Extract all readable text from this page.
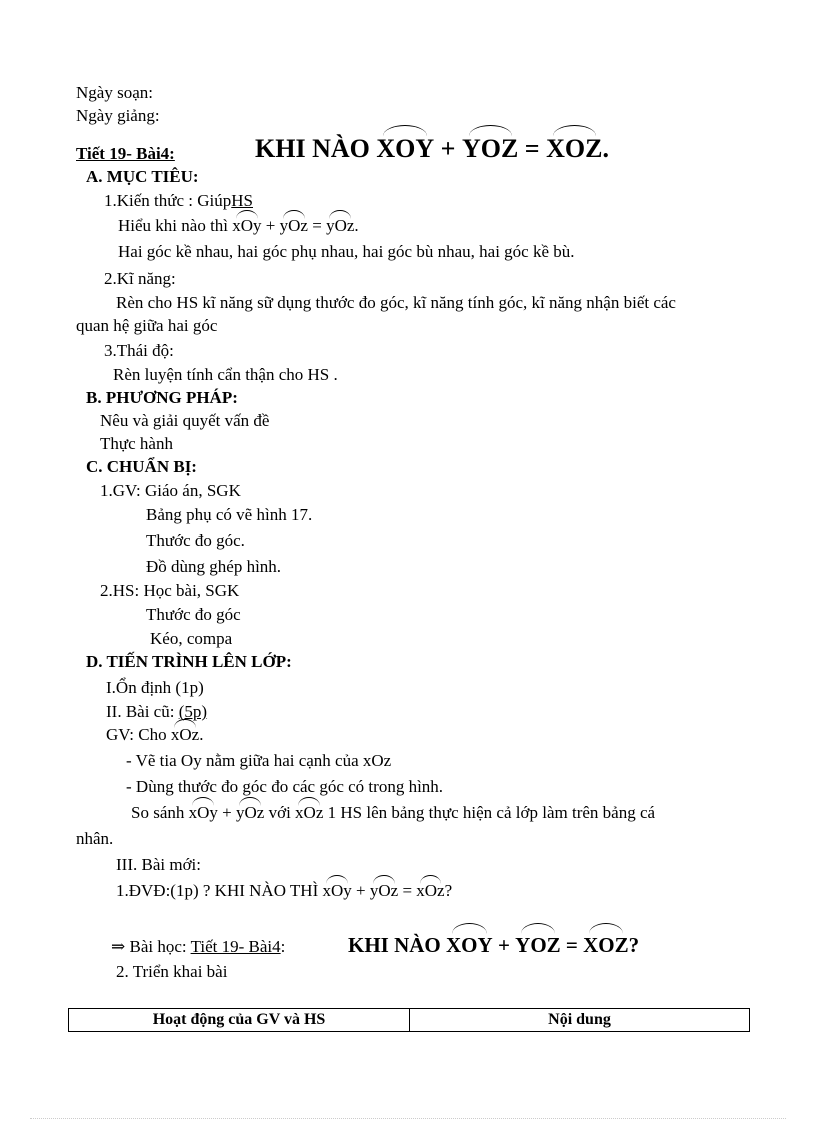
Ngày soạn:
Ngày giảng:
Tiết 19- Bài4:	KHI NÀO XOY + YOZ = XOZ.
A. MỤC TIÊU:
1.Kiến thức : GiúpHS
Hiểu khi nào thì xOy + yOz = yOz.
Hai góc kề nhau, hai góc phụ nhau, hai góc bù nhau, hai góc kề bù.
2.Kĩ năng:
Rèn cho HS kĩ năng sữ dụng thước đo góc, kĩ năng tính góc, kĩ năng nhận biết các
quan hệ giữa hai góc
3.Thái độ:
Rèn luyện tính cẩn thận cho HS .
B. PHƯƠNG PHÁP:
Nêu và giải quyết vấn đề
Thực hành
C. CHUẨN BỊ:
1.GV: Giáo án, SGK
Bảng phụ có vẽ hình 17.
Thước đo góc.
Đồ dùng ghép hình.
2.HS: Học bài, SGK
Thước đo góc
Kéo, compa
D. TIẾN TRÌNH LÊN LỚP:
I.Ổn định (1p)
II. Bài cũ: (5p)
GV: Cho xOz.
- Vẽ tia Oy nằm giữa hai cạnh của xOz
- Dùng thước đo góc đo các góc có trong hình.
So sánh xOy + yOz với xOz 1 HS lên bảng thực hiện cả lớp làm trên bảng cá
nhân.
III. Bài mới:
1.ĐVĐ:(1p) ? KHI NÀO THÌ xOy + yOz = xOz?
⇒ Bài học: Tiết 19- Bài4:	KHI NÀO XOY + YOZ = XOZ?
2. Triển khai bài
Hoạt động của GV và HS	Nội dung
